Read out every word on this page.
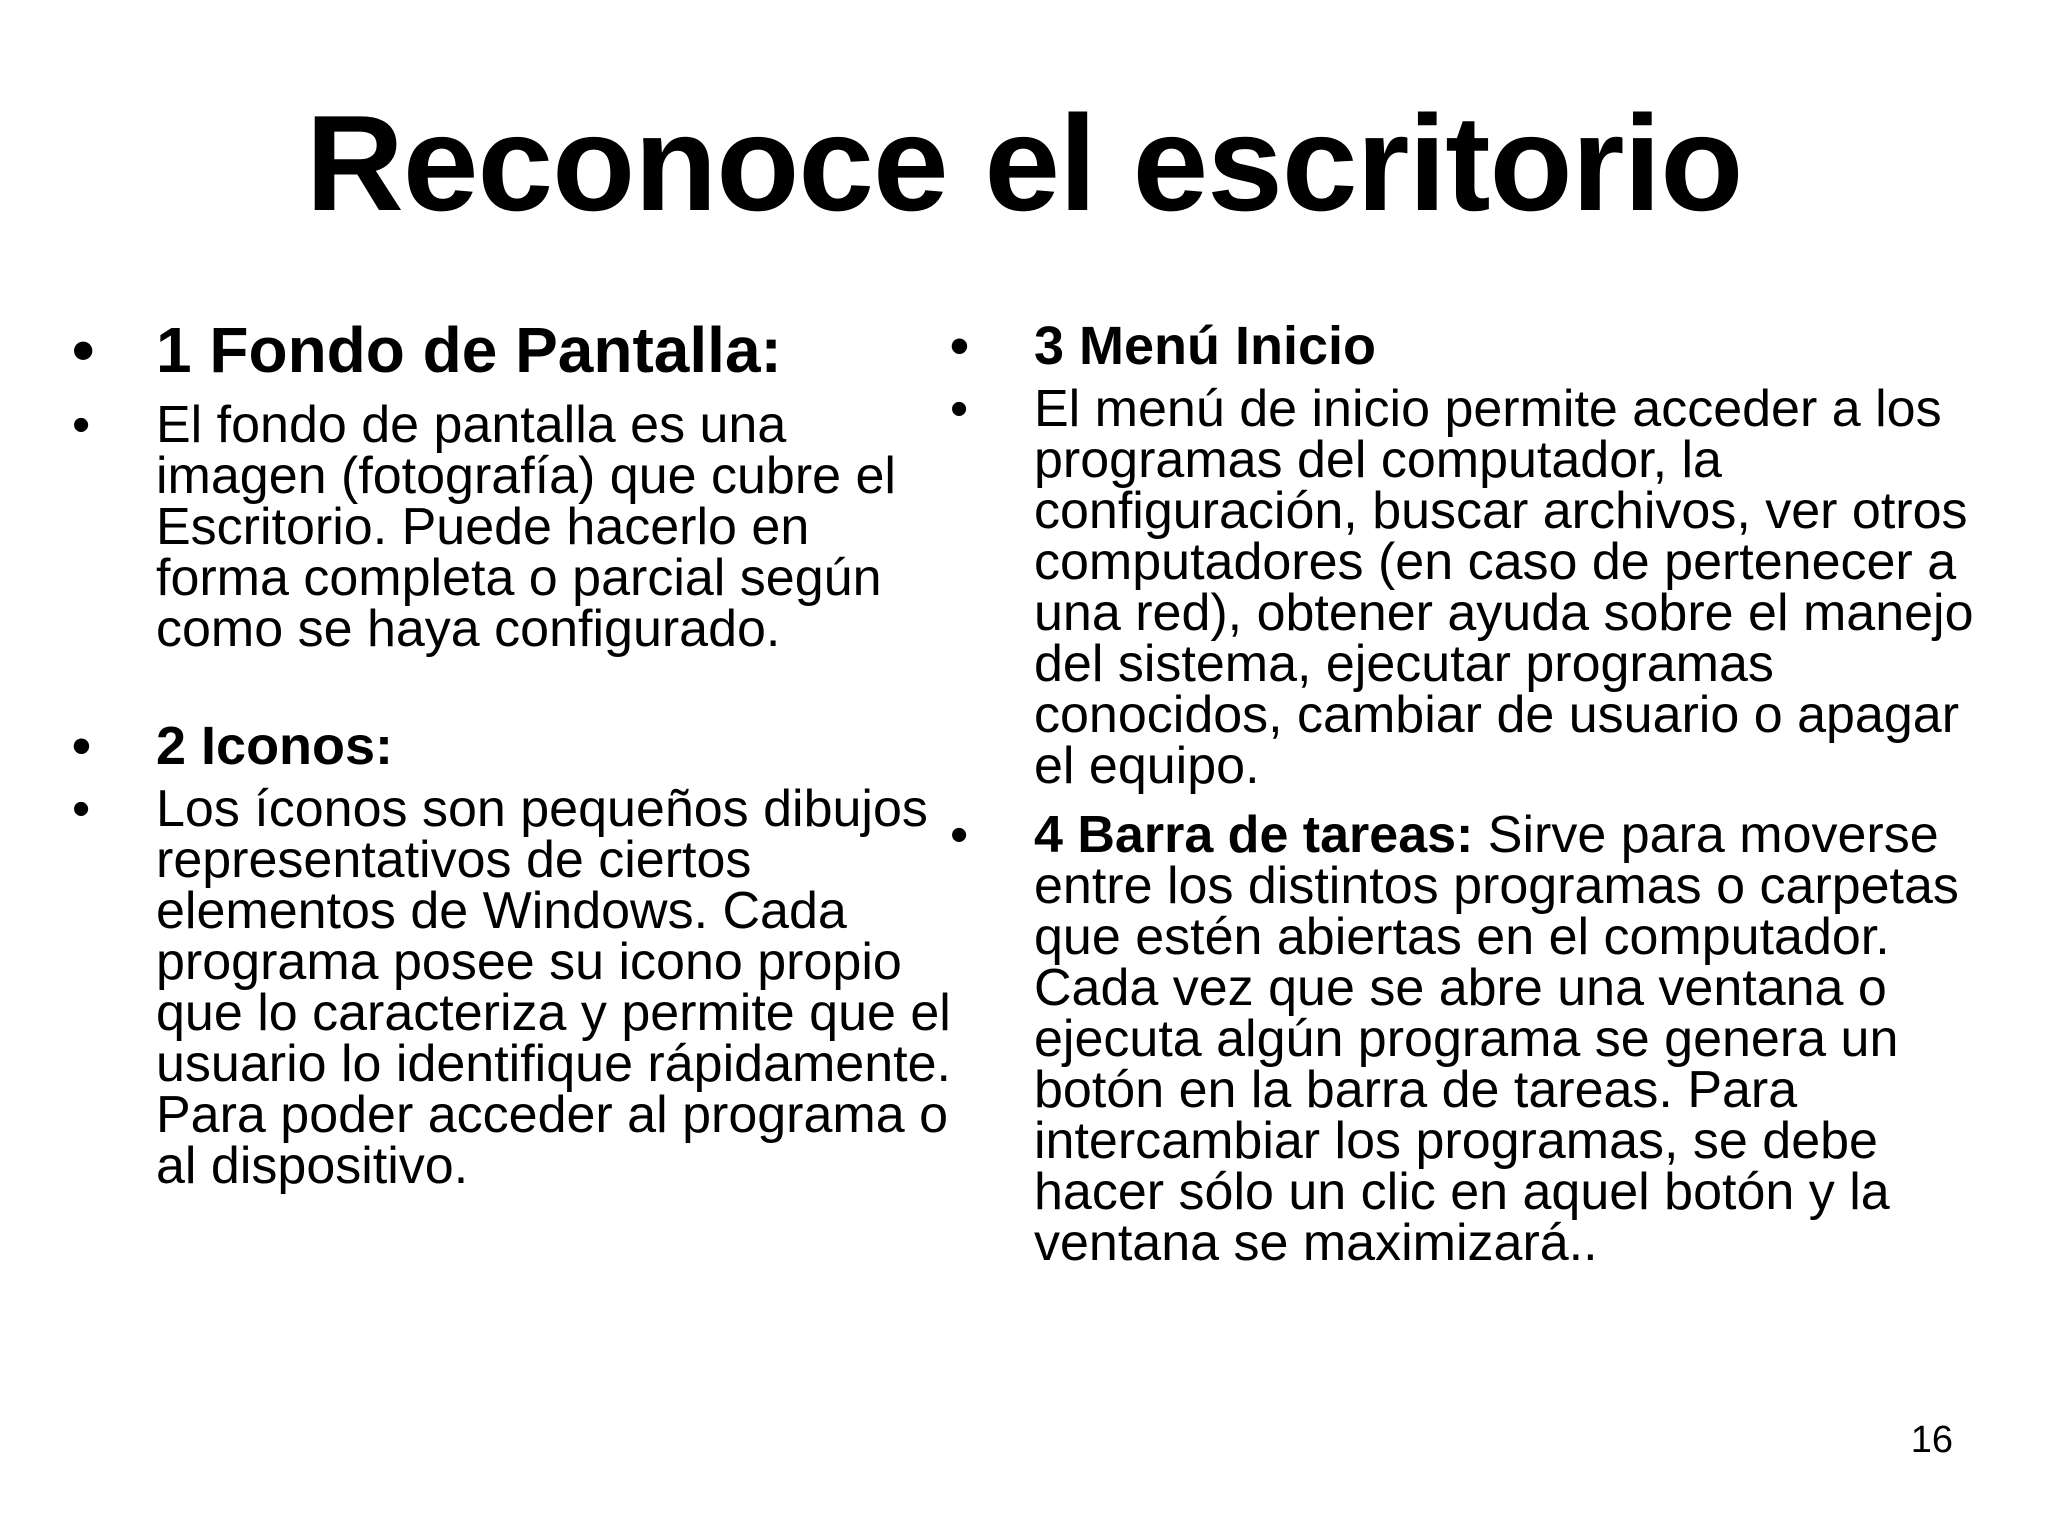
Reconoce el escritorio
• 1 Fondo de Pantalla:
• El fondo de pantalla es una imagen (fotografía) que cubre el Escritorio. Puede hacerlo en forma completa o parcial según como se haya configurado.
• 2 Iconos:
• Los íconos son pequeños dibujos representativos de ciertos elementos de Windows. Cada programa posee su icono propio que lo caracteriza y permite que el usuario lo identifique rápidamente. Para poder acceder al programa o al dispositivo.
• 3 Menú Inicio
• El menú de inicio permite acceder a los programas del computador, la configuración, buscar archivos, ver otros computadores (en caso de pertenecer a una red), obtener ayuda sobre el manejo del sistema, ejecutar programas conocidos, cambiar de usuario o apagar el equipo.
• 4 Barra de tareas: Sirve para moverse entre los distintos programas o carpetas que estén abiertas en el computador. Cada vez que se abre una ventana o ejecuta algún programa se genera un botón en la barra de tareas. Para intercambiar los programas, se debe hacer sólo un clic en aquel botón y la ventana se maximizará..
16
